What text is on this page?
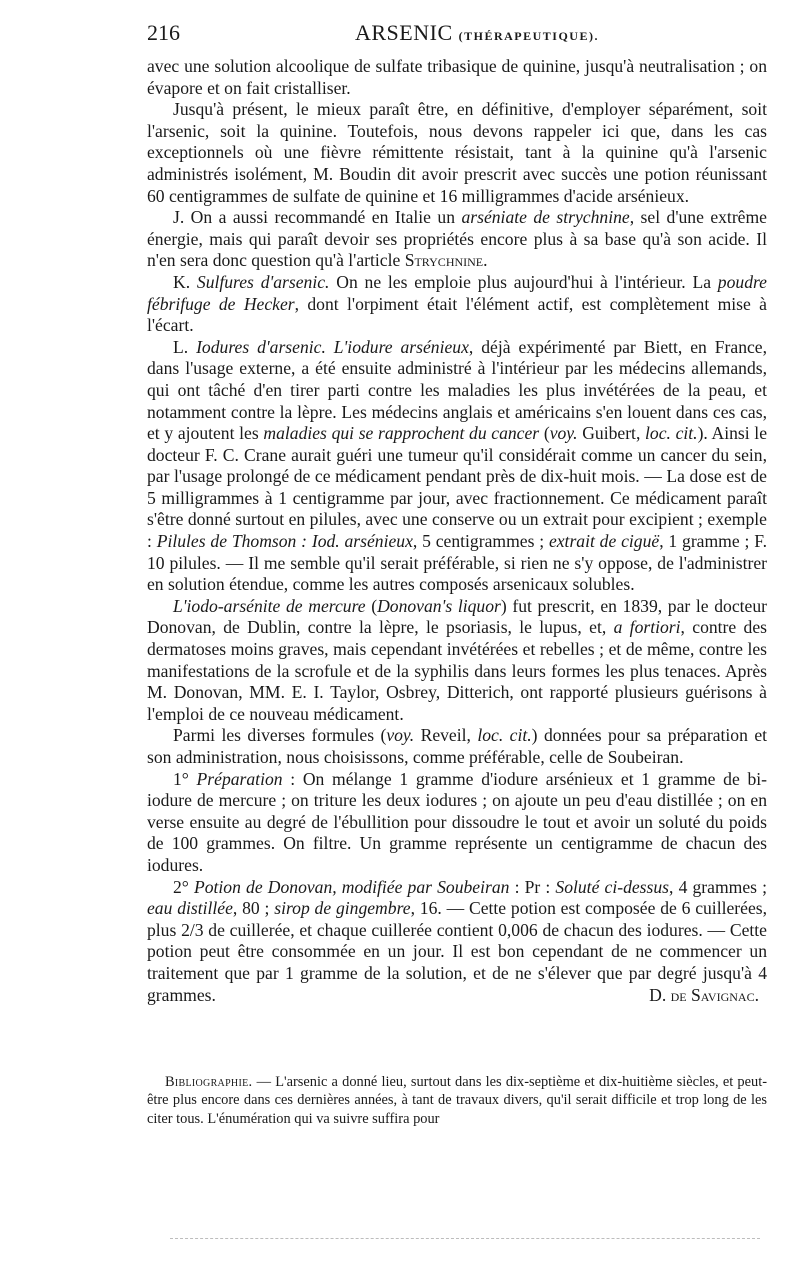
216	ARSENIC (THÉRAPEUTIQUE).

avec une solution alcoolique de sulfate tribasique de quinine, jusqu'à neutralisation ; on évapore et on fait cristalliser.

Jusqu'à présent, le mieux paraît être, en définitive, d'employer séparément, soit l'arsenic, soit la quinine. Toutefois, nous devons rappeler ici que, dans les cas exceptionnels où une fièvre rémittente résistait, tant à la quinine qu'à l'arsenic administrés isolément, M. Boudin dit avoir prescrit avec succès une potion réunissant 60 centigrammes de sulfate de quinine et 16 milligrammes d'acide arsénieux.

J. On a aussi recommandé en Italie un arséniate de strychnine, sel d'une extrême énergie, mais qui paraît devoir ses propriétés encore plus à sa base qu'à son acide. Il n'en sera donc question qu'à l'article Strychnine.

K. Sulfures d'arsenic. On ne les emploie plus aujourd'hui à l'intérieur. La poudre fébrifuge de Hecker, dont l'orpiment était l'élément actif, est complètement mise à l'écart.

L. Iodures d'arsenic. L'iodure arsénieux, déjà expérimenté par Biett, en France, dans l'usage externe, a été ensuite administré à l'intérieur par les médecins allemands, qui ont tâché d'en tirer parti contre les maladies les plus invétérées de la peau, et notamment contre la lèpre. Les médecins anglais et américains s'en louent dans ces cas, et y ajoutent les maladies qui se rapprochent du cancer (voy. Guibert, loc. cit.). Ainsi le docteur F. C. Crane aurait guéri une tumeur qu'il considérait comme un cancer du sein, par l'usage prolongé de ce médicament pendant près de dix-huit mois. — La dose est de 5 milligrammes à 1 centigramme par jour, avec fractionnement. Ce médicament paraît s'être donné surtout en pilules, avec une conserve ou un extrait pour excipient ; exemple : Pilules de Thomson : Iod. arsénieux, 5 centigrammes ; extrait de ciguë, 1 gramme ; F. 10 pilules. — Il me semble qu'il serait préférable, si rien ne s'y oppose, de l'administrer en solution étendue, comme les autres composés arsenicaux solubles.

L'iodo-arsénite de mercure (Donovan's liquor) fut prescrit, en 1839, par le docteur Donovan, de Dublin, contre la lèpre, le psoriasis, le lupus, et, a fortiori, contre des dermatoses moins graves, mais cependant invétérées et rebelles ; et de même, contre les manifestations de la scrofule et de la syphilis dans leurs formes les plus tenaces. Après M. Donovan, MM. E. I. Taylor, Osbrey, Ditterich, ont rapporté plusieurs guérisons à l'emploi de ce nouveau médicament.

Parmi les diverses formules (voy. Reveil, loc. cit.) données pour sa préparation et son administration, nous choisissons, comme préférable, celle de Soubeiran.

1° Préparation : On mélange 1 gramme d'iodure arsénieux et 1 gramme de bi-iodure de mercure ; on triture les deux iodures ; on ajoute un peu d'eau distillée ; on en verse ensuite au degré de l'ébullition pour dissoudre le tout et avoir un soluté du poids de 100 grammes. On filtre. Un gramme représente un centigramme de chacun des iodures.

2° Potion de Donovan, modifiée par Soubeiran : Pr : Soluté ci-dessus, 4 grammes ; eau distillée, 80 ; sirop de gingembre, 16. — Cette potion est composée de 6 cuillerées, plus 2/3 de cuillerée, et chaque cuillerée contient 0,006 de chacun des iodures. — Cette potion peut être consommée en un jour. Il est bon cependant de ne commencer un traitement que par 1 gramme de la solution, et de ne s'élever que par degré jusqu'à 4 grammes.	D. de Savignac.

Bibliographie. — L'arsenic a donné lieu, surtout dans les dix-septième et dix-huitième siècles, et peut-être plus encore dans ces dernières années, à tant de travaux divers, qu'il serait difficile et trop long de les citer tous. L'énumération qui va suivre suffira pour
